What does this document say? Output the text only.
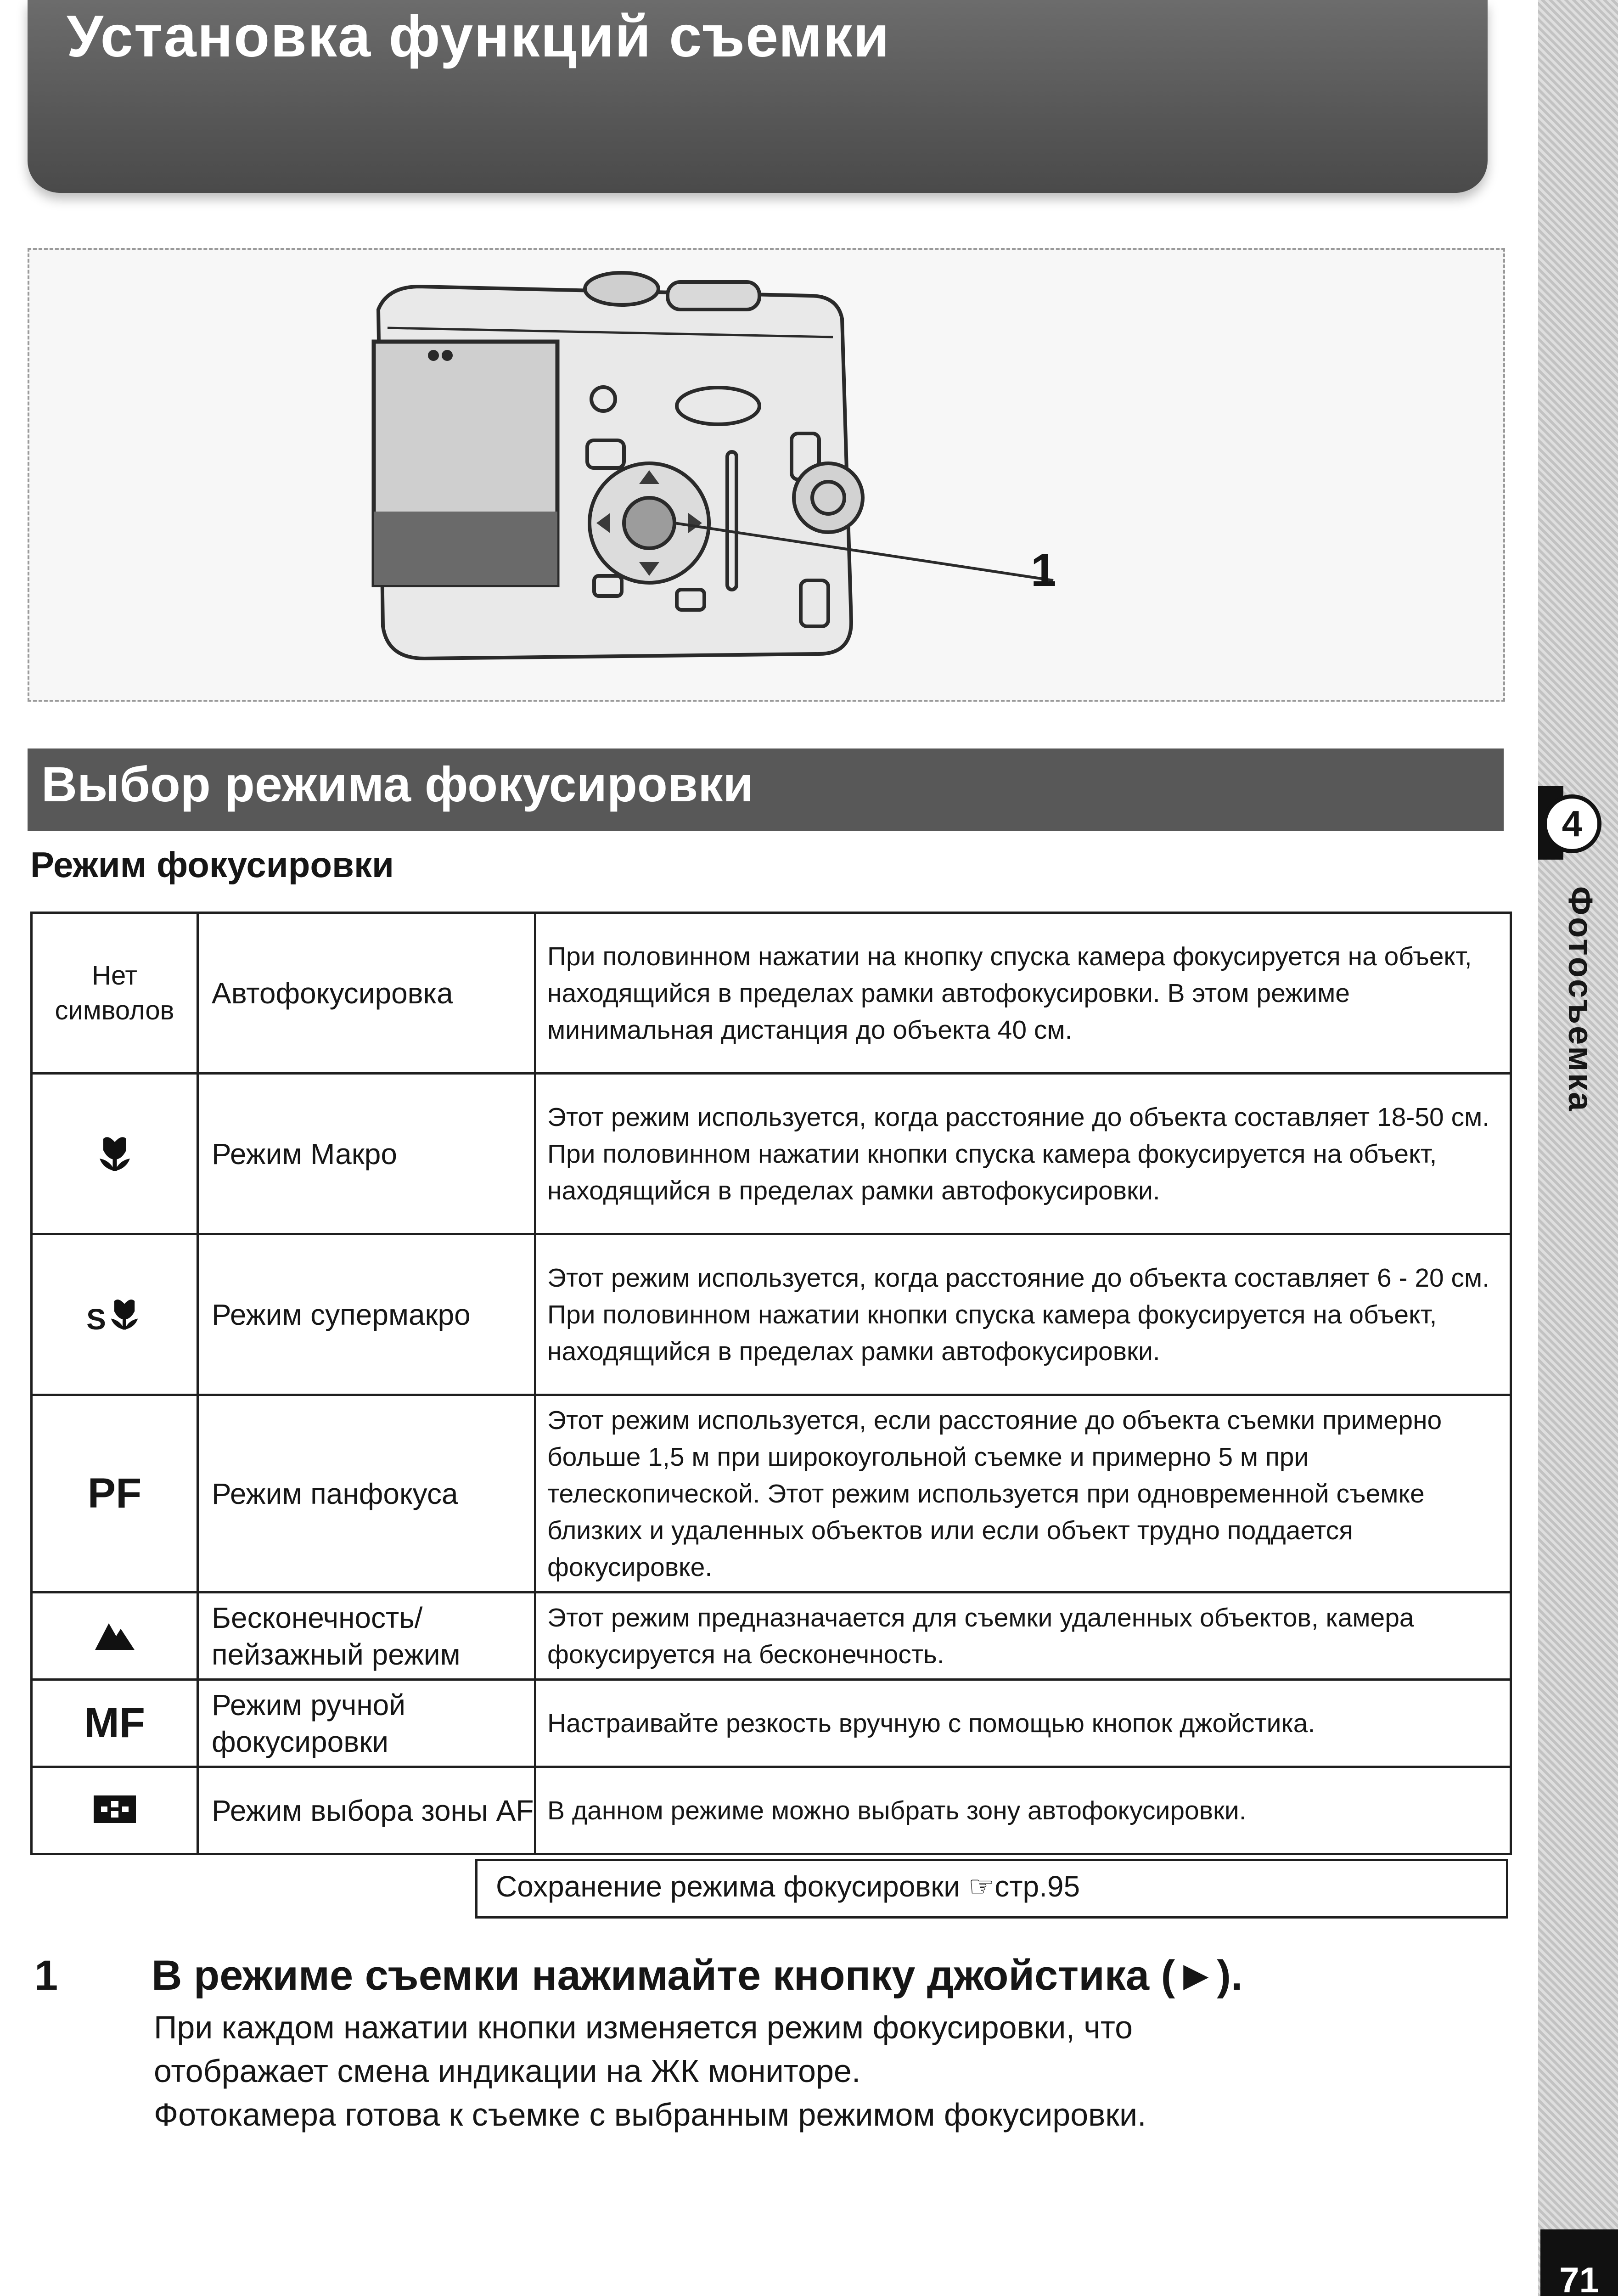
4
Фотосъемка
Установка функций съемки
1
Выбор режима фокусировки
Режим фокусировки
Нет символов	Автофокусировка	При половинном нажатии на кнопку спуска камера фокусируется на объект, находящийся в пределах рамки автофокусировки. В этом режиме минимальная дистанция до объекта 40 см.
	Режим Макро	Этот режим используется, когда расстояние до объекта составляет 18-50 см. При половинном нажатии кнопки спуска камера фокусируется на объект, находящийся в пределах рамки автофокусировки.
S	Режим супермакро	Этот режим используется, когда расстояние до объекта составляет 6 - 20 см. При половинном нажатии кнопки спуска камера фокусируется на объект, находящийся в пределах рамки автофокусировки.
PF	Режим панфокуса	Этот режим используется, если расстояние до объекта съемки примерно больше 1,5 м при широкоугольной съемке и примерно 5 м при телескопической. Этот режим используется при одновременной съемке близких и удаленных объектов или если объект трудно поддается фокусировке.
	Бесконечность/ пейзажный режим	Этот режим предназначается для съемки удаленных объектов, камера фокусируется на бесконечность.
MF	Режим ручной фокусировки	Настраивайте резкость вручную с помощью кнопок джойстика.
	Режим выбора зоны AF	В данном режиме можно выбрать зону автофокусировки.
Сохранение режима фокусировки ☞стр.95
1 В режиме съемки нажимайте кнопку джойстика (►).
При каждом нажатии кнопки изменяется режим фокусировки, что
отображает смена индикации на ЖК мониторе.
Фотокамера готова к съемке с выбранным режимом фокусировки.
71
